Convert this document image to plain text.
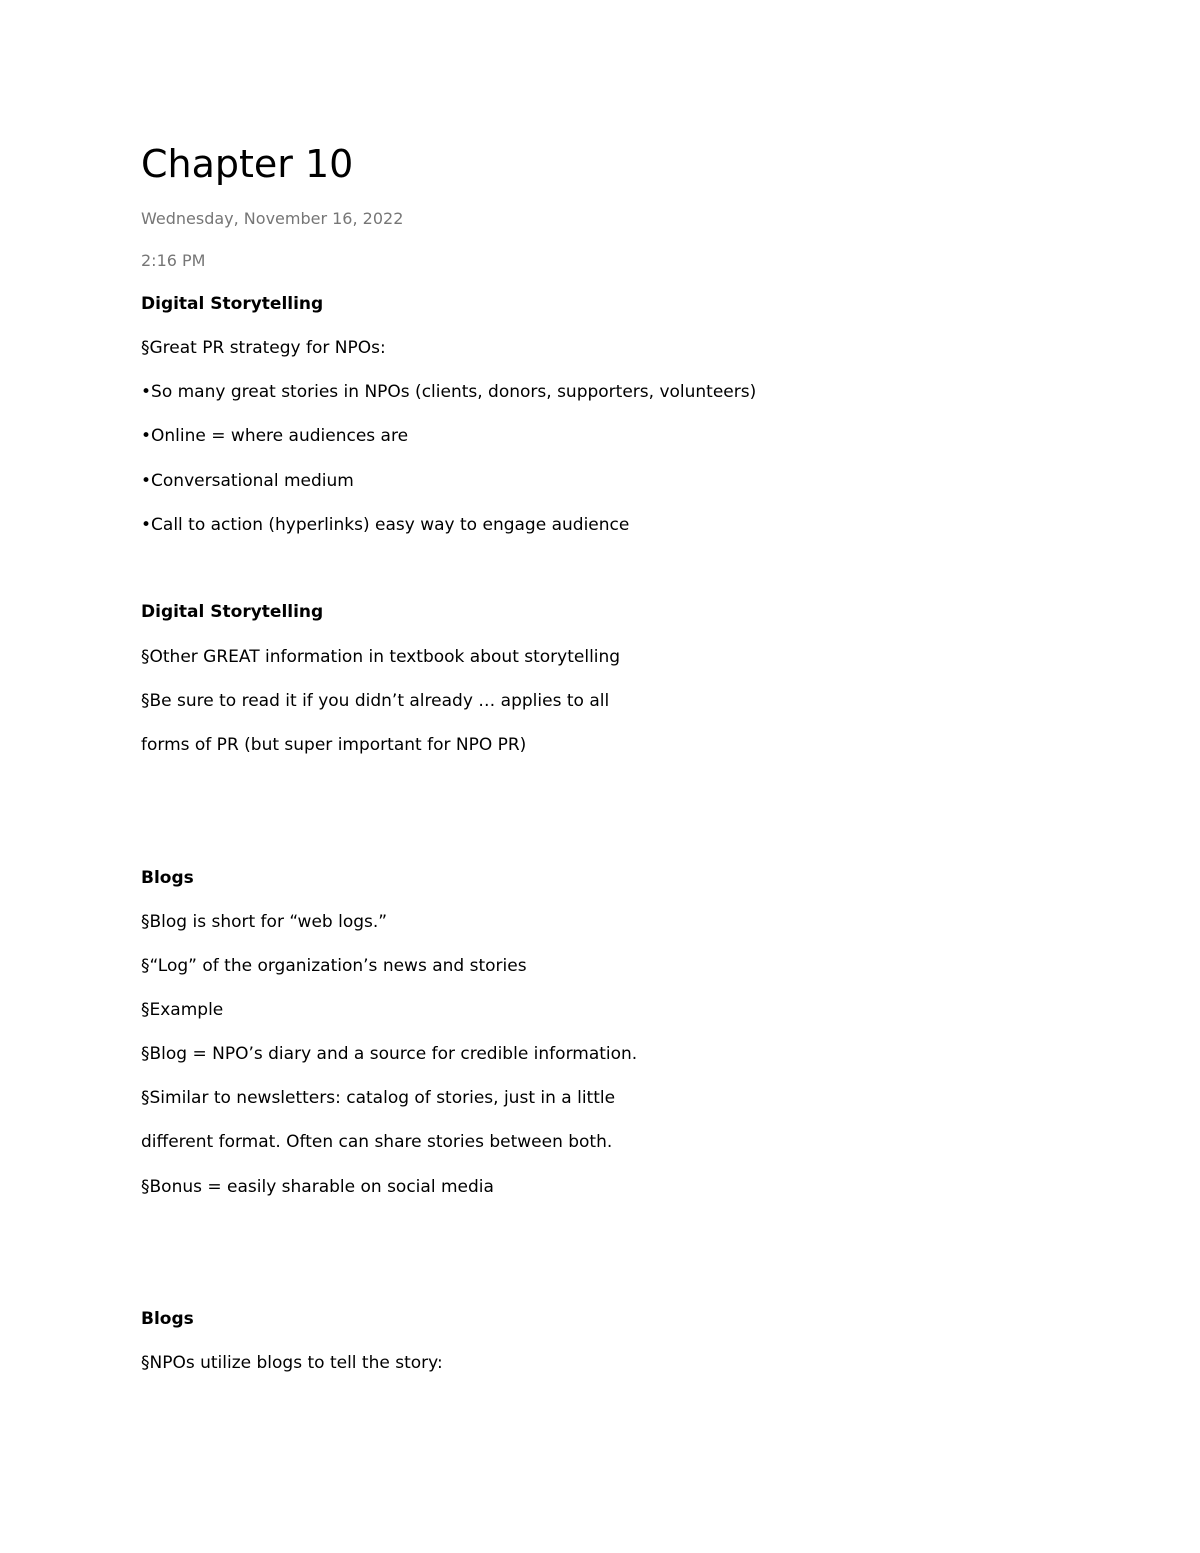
Chapter 10
Wednesday, November 16, 2022
2:16 PM
Digital Storytelling
§Great PR strategy for NPOs:
•So many great stories in NPOs (clients, donors, supporters, volunteers)
•Online = where audiences are
•Conversational medium
•Call to action (hyperlinks) easy way to engage audience
Digital Storytelling
§Other GREAT information in textbook about storytelling
§Be sure to read it if you didn’t already … applies to all
forms of PR (but super important for NPO PR)
Blogs
§Blog is short for “web logs.”
§“Log” of the organization’s news and stories
§Example
§Blog = NPO’s diary and a source for credible information.
§Similar to newsletters: catalog of stories, just in a little
different format. Often can share stories between both.
§Bonus = easily sharable on social media
Blogs
§NPOs utilize blogs to tell the story:
